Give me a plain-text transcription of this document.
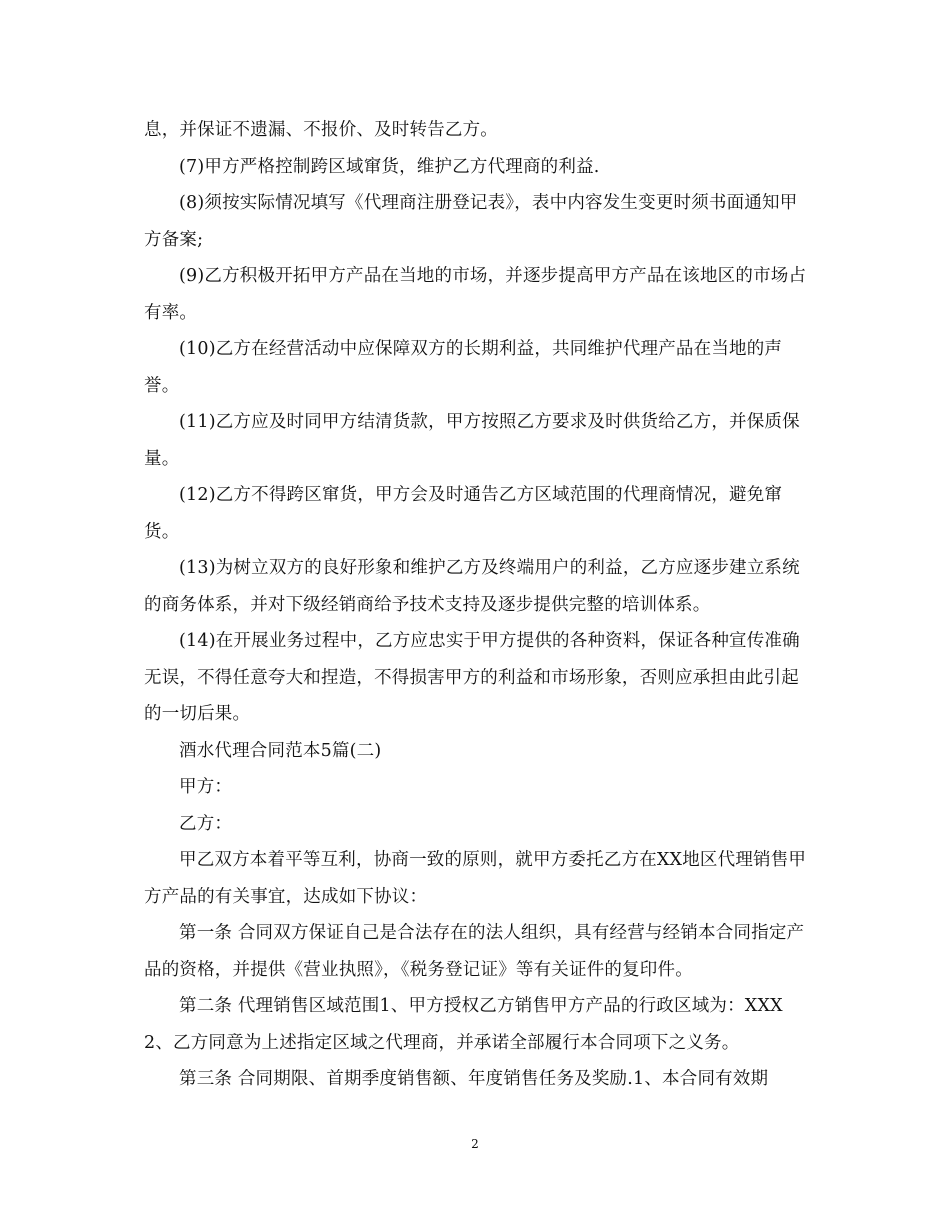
息，并保证不遗漏、不报价、及时转告乙方。

(7)甲方严格控制跨区域窜货，维护乙方代理商的利益.

(8)须按实际情况填写《代理商注册登记表》，表中内容发生变更时须书面通知甲方备案;

(9)乙方积极开拓甲方产品在当地的市场，并逐步提高甲方产品在该地区的市场占有率。

(10)乙方在经营活动中应保障双方的长期利益，共同维护代理产品在当地的声誉。

(11)乙方应及时同甲方结清货款，甲方按照乙方要求及时供货给乙方，并保质保量。

(12)乙方不得跨区窜货，甲方会及时通告乙方区域范围的代理商情况，避免窜货。

(13)为树立双方的良好形象和维护乙方及终端用户的利益，乙方应逐步建立系统的商务体系，并对下级经销商给予技术支持及逐步提供完整的培训体系。

(14)在开展业务过程中，乙方应忠实于甲方提供的各种资料，保证各种宣传准确无误，不得任意夸大和捏造，不得损害甲方的利益和市场形象，否则应承担由此引起的一切后果。

酒水代理合同范本5篇(二)

甲方：

乙方：

甲乙双方本着平等互利，协商一致的原则，就甲方委托乙方在XX地区代理销售甲方产品的有关事宜，达成如下协议：

第一条 合同双方保证自己是合法存在的法人组织，具有经营与经销本合同指定产品的资格，并提供《营业执照》，《税务登记证》等有关证件的复印件。

第二条 代理销售区域范围1、甲方授权乙方销售甲方产品的行政区域为：XXX2、乙方同意为上述指定区域之代理商，并承诺全部履行本合同项下之义务。

第三条 合同期限、首期季度销售额、年度销售任务及奖励.1、本合同有效期

2
